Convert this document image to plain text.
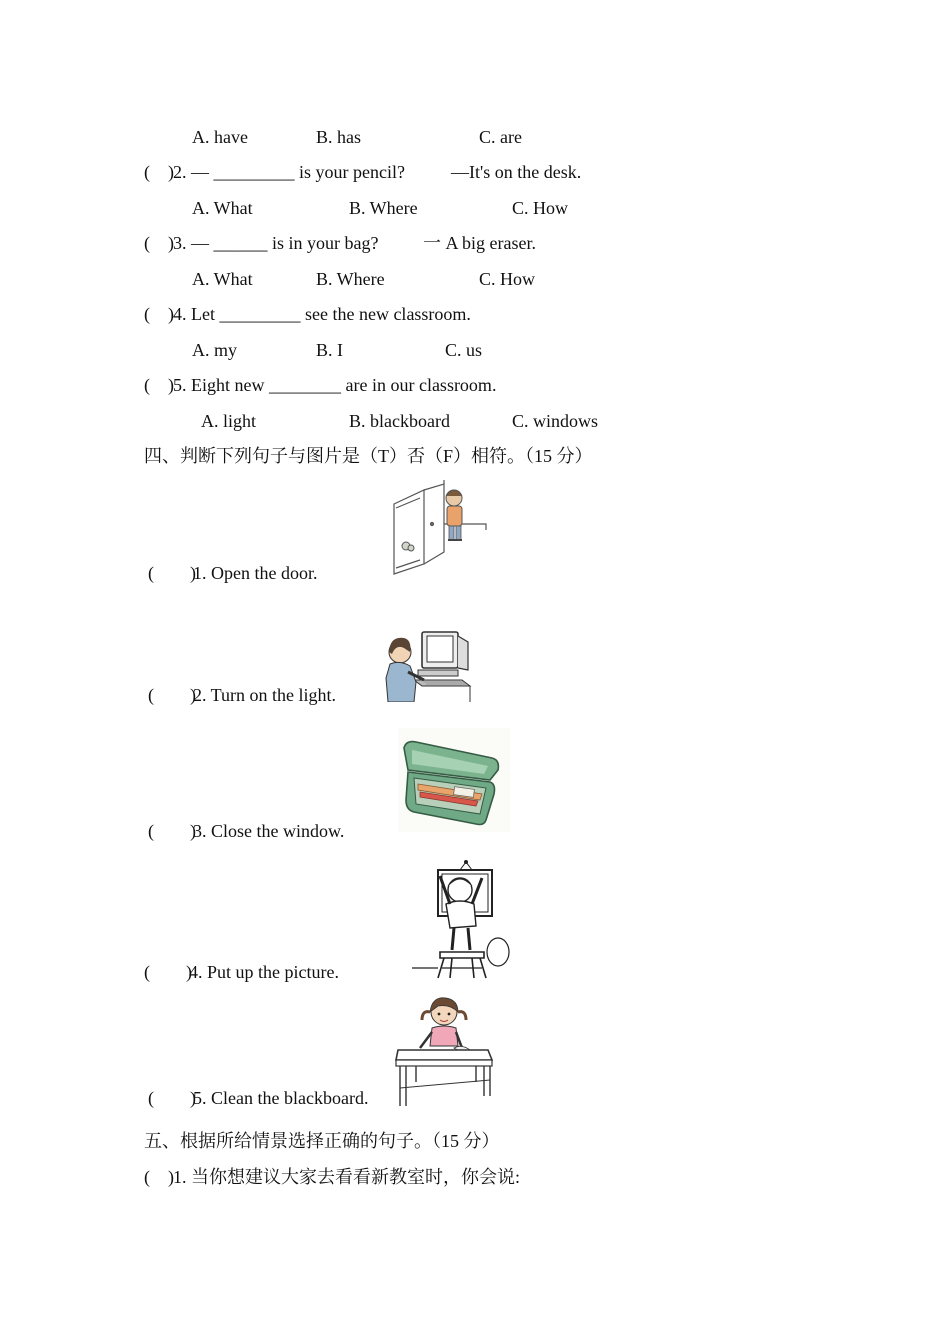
A. have	B. has	C. are
(    ) 2. — _________ is your pencil?	—It's on the desk.
A. What	B. Where	C. How
(    ) 3. — ______ is in your bag? 一 A big eraser.
A. What	B. Where	C. How
(    ) 4. Let _________ see the new classroom.
A. my	B. I	C. us
(    ) 5. Eight new ________ are in our classroom.
A. light	B. blackboard	C. windows
四、判断下列句子与图片是（T）否（F）相符。（15 分）
(        )
1. Open the door.
(        )
2. Turn on the light.
(        )
3. Close the window.
(        )
4. Put up the picture.
(        )
5. Clean the blackboard.
五、根据所给情景选择正确的句子。（15 分）
(    ) 1. 当你想建议大家去看看新教室时，你会说:
